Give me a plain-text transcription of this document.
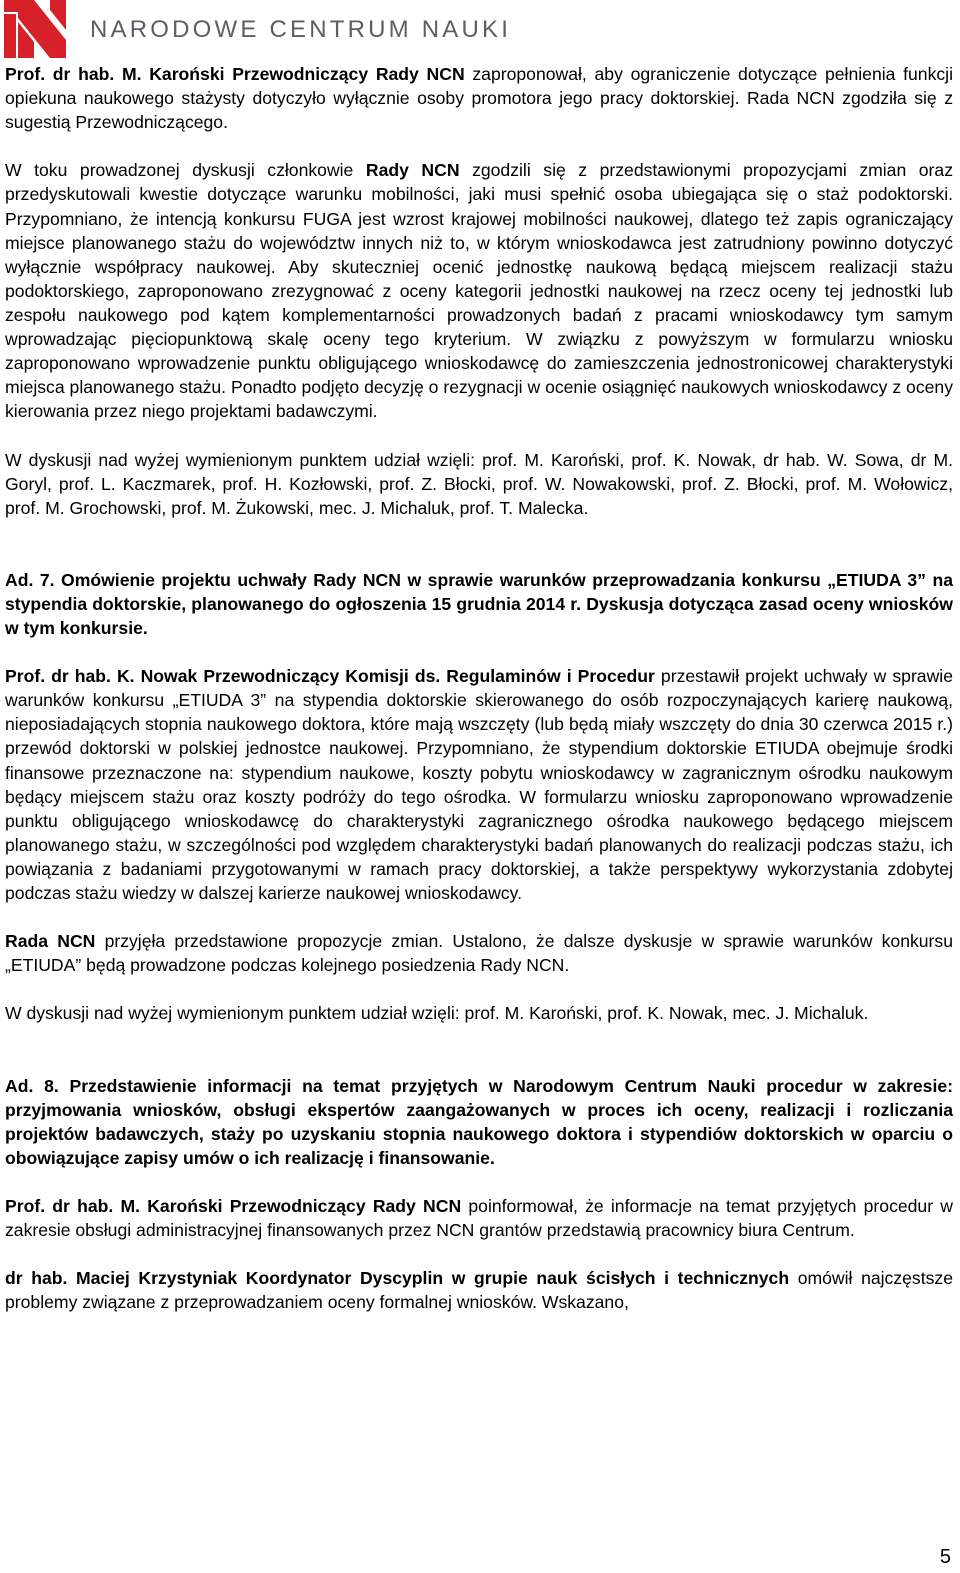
NARODOWE CENTRUM NAUKI

Prof. dr hab. M. Karoński Przewodniczący Rady NCN zaproponował, aby ograniczenie dotyczące pełnienia funkcji opiekuna naukowego stażysty dotyczyło wyłącznie osoby promotora jego pracy doktorskiej. Rada NCN zgodziła się z sugestią Przewodniczącego.

W toku prowadzonej dyskusji członkowie Rady NCN zgodzili się z przedstawionymi propozycjami zmian oraz przedyskutowali kwestie dotyczące warunku mobilności, jaki musi spełnić osoba ubiegająca się o staż podoktorski. Przypomniano, że intencją konkursu FUGA jest wzrost krajowej mobilności naukowej, dlatego też zapis ograniczający miejsce planowanego stażu do województw innych niż to, w którym wnioskodawca jest zatrudniony powinno dotyczyć wyłącznie współpracy naukowej. Aby skuteczniej ocenić jednostkę naukową będącą miejscem realizacji stażu podoktorskiego, zaproponowano zrezygnować z oceny kategorii jednostki naukowej na rzecz oceny tej jednostki lub zespołu naukowego pod kątem komplementarności prowadzonych badań z pracami wnioskodawcy tym samym wprowadzając pięciopunktową skalę oceny tego kryterium. W związku z powyższym w formularzu wniosku zaproponowano wprowadzenie punktu obligującego wnioskodawcę do zamieszczenia jednostronicowej charakterystyki miejsca planowanego stażu. Ponadto podjęto decyzję o rezygnacji w ocenie osiągnięć naukowych wnioskodawcy z oceny kierowania przez niego projektami badawczymi.

W dyskusji nad wyżej wymienionym punktem udział wzięli: prof. M. Karoński, prof. K. Nowak, dr hab. W. Sowa, dr M. Goryl, prof. L. Kaczmarek, prof. H. Kozłowski, prof. Z. Błocki, prof. W. Nowakowski, prof. Z. Błocki, prof. M. Wołowicz, prof. M. Grochowski, prof. M. Żukowski, mec. J. Michaluk, prof. T. Malecka.

Ad. 7. Omówienie projektu uchwały Rady NCN w sprawie warunków przeprowadzania konkursu „ETIUDA 3” na stypendia doktorskie, planowanego do ogłoszenia 15 grudnia 2014 r. Dyskusja dotycząca zasad oceny wniosków w tym konkursie.

Prof. dr hab. K. Nowak Przewodniczący Komisji ds. Regulaminów i Procedur przestawił projekt uchwały w sprawie warunków konkursu „ETIUDA 3” na stypendia doktorskie skierowanego do osób rozpoczynających karierę naukową, nieposiadających stopnia naukowego doktora, które mają wszczęty (lub będą miały wszczęty do dnia 30 czerwca 2015 r.) przewód doktorski w polskiej jednostce naukowej. Przypomniano, że stypendium doktorskie ETIUDA obejmuje środki finansowe przeznaczone na: stypendium naukowe, koszty pobytu wnioskodawcy w zagranicznym ośrodku naukowym będący miejscem stażu oraz koszty podróży do tego ośrodka. W formularzu wniosku zaproponowano wprowadzenie punktu obligującego wnioskodawcę do charakterystyki zagranicznego ośrodka naukowego będącego miejscem planowanego stażu, w szczególności pod względem charakterystyki badań planowanych do realizacji podczas stażu, ich powiązania z badaniami przygotowanymi w ramach pracy doktorskiej, a także perspektywy wykorzystania zdobytej podczas stażu wiedzy w dalszej karierze naukowej wnioskodawcy.

Rada NCN przyjęła przedstawione propozycje zmian. Ustalono, że dalsze dyskusje w sprawie warunków konkursu „ETIUDA” będą prowadzone podczas kolejnego posiedzenia Rady NCN.

W dyskusji nad wyżej wymienionym punktem udział wzięli: prof. M. Karoński, prof. K. Nowak, mec. J. Michaluk.

Ad. 8. Przedstawienie informacji na temat przyjętych w Narodowym Centrum Nauki procedur w zakresie: przyjmowania wniosków, obsługi ekspertów zaangażowanych w proces ich oceny, realizacji i rozliczania projektów badawczych, staży po uzyskaniu stopnia naukowego doktora i stypendiów doktorskich w oparciu o obowiązujące zapisy umów o ich realizację i finansowanie.

Prof. dr hab. M. Karoński Przewodniczący Rady NCN poinformował, że informacje na temat przyjętych procedur w zakresie obsługi administracyjnej finansowanych przez NCN grantów przedstawią pracownicy biura Centrum.

dr hab. Maciej Krzystyniak Koordynator Dyscyplin w grupie nauk ścisłych i technicznych omówił najczęstsze problemy związane z przeprowadzaniem oceny formalnej wniosków. Wskazano,

5
